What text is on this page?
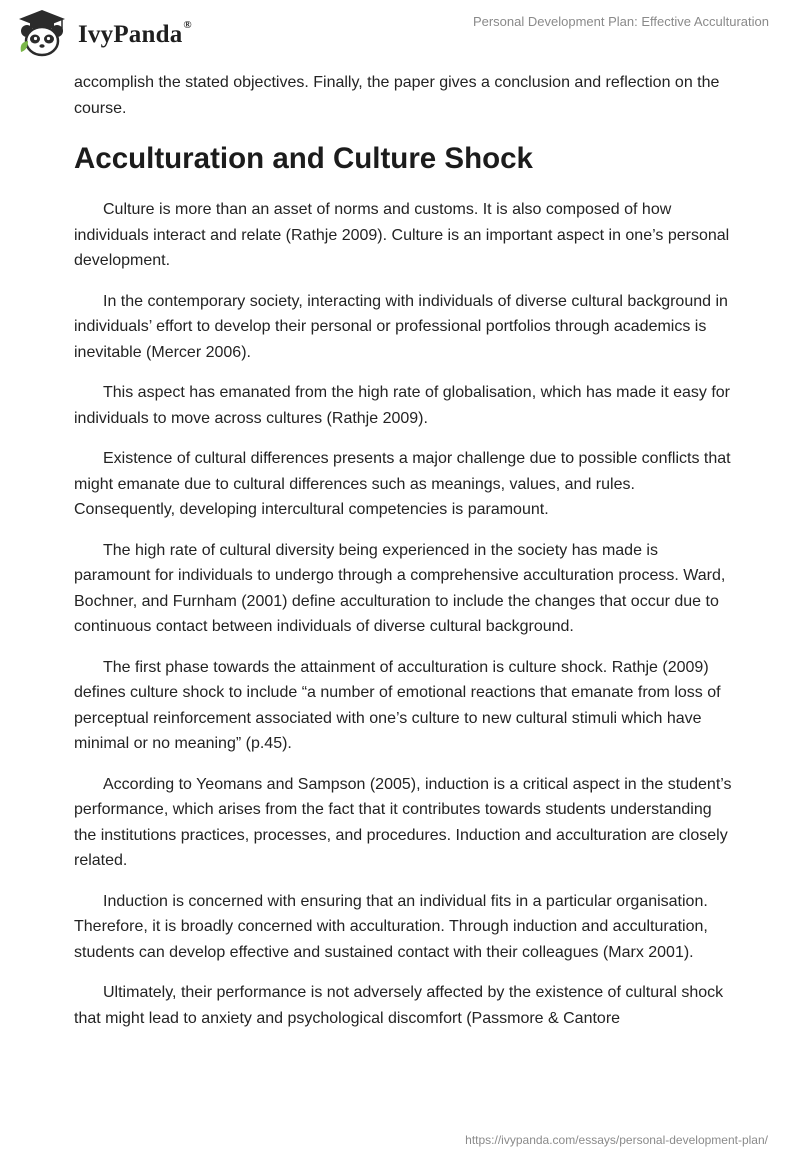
IvyPanda®	Personal Development Plan: Effective Acculturation

accomplish the stated objectives. Finally, the paper gives a conclusion and reflection on the course.

Acculturation and Culture Shock

Culture is more than an asset of norms and customs. It is also composed of how individuals interact and relate (Rathje 2009). Culture is an important aspect in one’s personal development.

In the contemporary society, interacting with individuals of diverse cultural background in individuals’ effort to develop their personal or professional portfolios through academics is inevitable (Mercer 2006).

This aspect has emanated from the high rate of globalisation, which has made it easy for individuals to move across cultures (Rathje 2009).

Existence of cultural differences presents a major challenge due to possible conflicts that might emanate due to cultural differences such as meanings, values, and rules. Consequently, developing intercultural competencies is paramount.

The high rate of cultural diversity being experienced in the society has made is paramount for individuals to undergo through a comprehensive acculturation process. Ward, Bochner, and Furnham (2001) define acculturation to include the changes that occur due to continuous contact between individuals of diverse cultural background.

The first phase towards the attainment of acculturation is culture shock. Rathje (2009) defines culture shock to include “a number of emotional reactions that emanate from loss of perceptual reinforcement associated with one’s culture to new cultural stimuli which have minimal or no meaning” (p.45).

According to Yeomans and Sampson (2005), induction is a critical aspect in the student’s performance, which arises from the fact that it contributes towards students understanding the institutions practices, processes, and procedures. Induction and acculturation are closely related.

Induction is concerned with ensuring that an individual fits in a particular organisation. Therefore, it is broadly concerned with acculturation. Through induction and acculturation, students can develop effective and sustained contact with their colleagues (Marx 2001).

Ultimately, their performance is not adversely affected by the existence of cultural shock that might lead to anxiety and psychological discomfort (Passmore & Cantore

https://ivypanda.com/essays/personal-development-plan/
